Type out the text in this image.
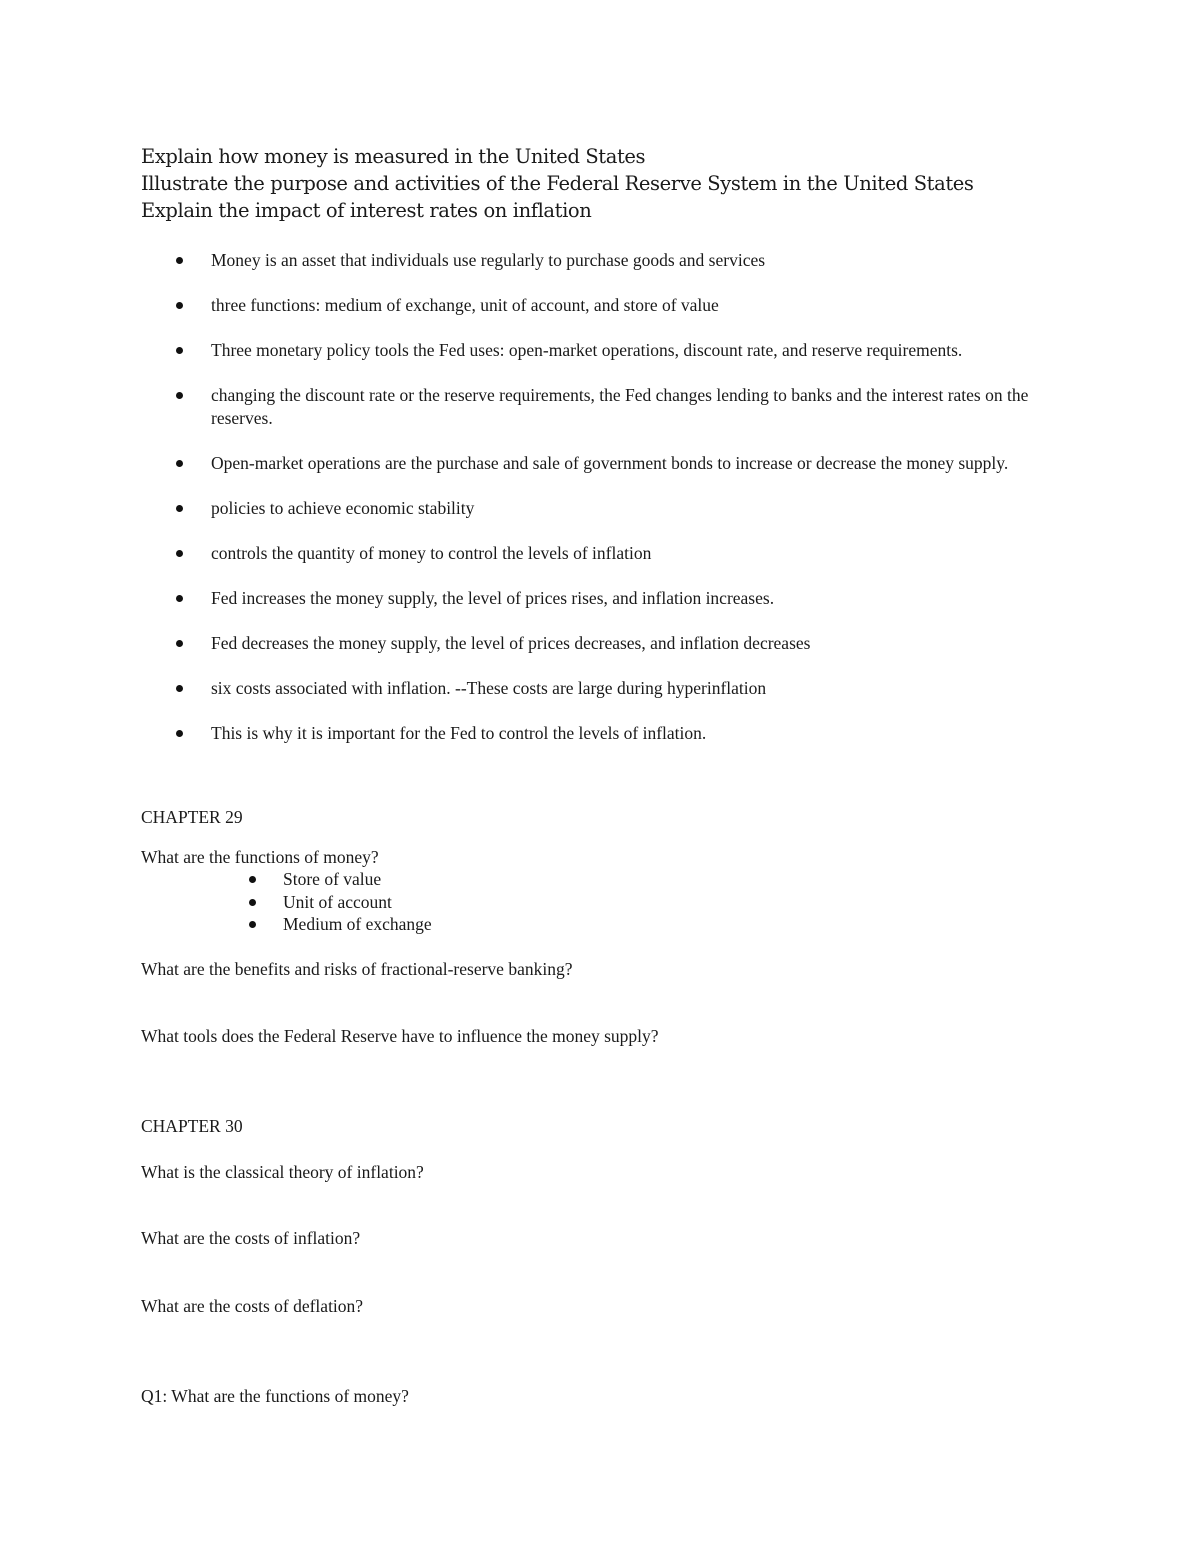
Explain how money is measured in the United States
Illustrate the purpose and activities of the Federal Reserve System in the United States
Explain the impact of interest rates on inflation
Money is an asset that individuals use regularly to purchase goods and services
three functions: medium of exchange, unit of account, and store of value
Three monetary policy tools the Fed uses: open-market operations, discount rate, and reserve requirements.
changing the discount rate or the reserve requirements, the Fed changes lending to banks and the interest rates on the reserves.
Open-market operations are the purchase and sale of government bonds to increase or decrease the money supply.
policies to achieve economic stability
controls the quantity of money to control the levels of inflation
Fed increases the money supply, the level of prices rises, and inflation increases.
Fed decreases the money supply, the level of prices decreases, and inflation decreases
six costs associated with inflation. --These costs are large during hyperinflation
This is why it is important for the Fed to control the levels of inflation.
CHAPTER 29
What are the functions of money?
Store of value
Unit of account
Medium of exchange
What are the benefits and risks of fractional-reserve banking?
What tools does the Federal Reserve have to influence the money supply?
CHAPTER 30
What is the classical theory of inflation?
What are the costs of inflation?
What are the costs of deflation?
Q1: What are the functions of money?
